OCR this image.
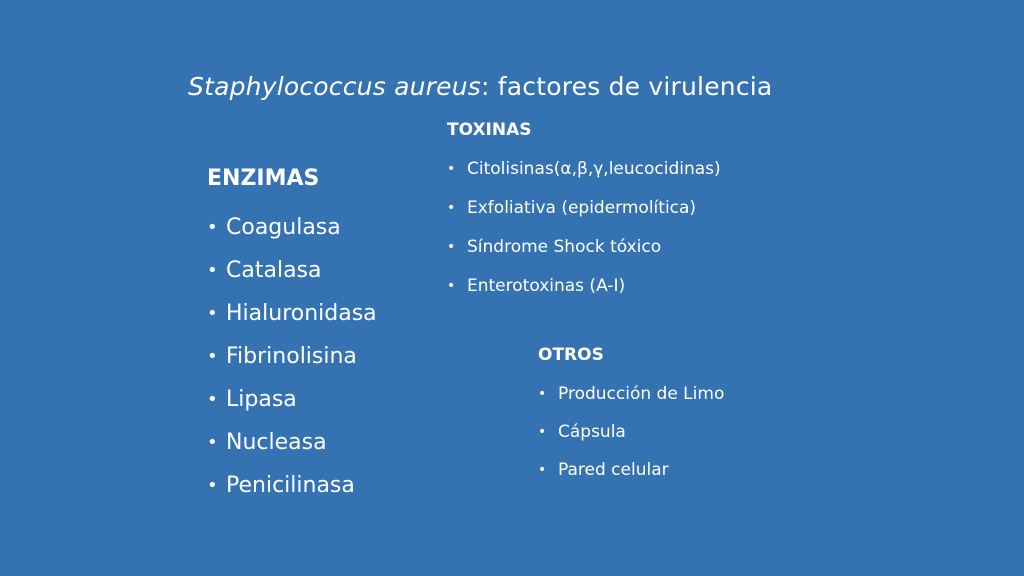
Staphylococcus aureus: factores de virulencia
ENZIMAS
• Coagulasa
• Catalasa
• Hialuronidasa
• Fibrinolisina
• Lipasa
• Nucleasa
• Penicilinasa
TOXINAS
• Citolisinas(α,β,γ,leucocidinas)
• Exfoliativa (epidermolítica)
• Síndrome Shock tóxico
• Enterotoxinas (A-I)
OTROS
• Producción de Limo
• Cápsula
• Pared celular
